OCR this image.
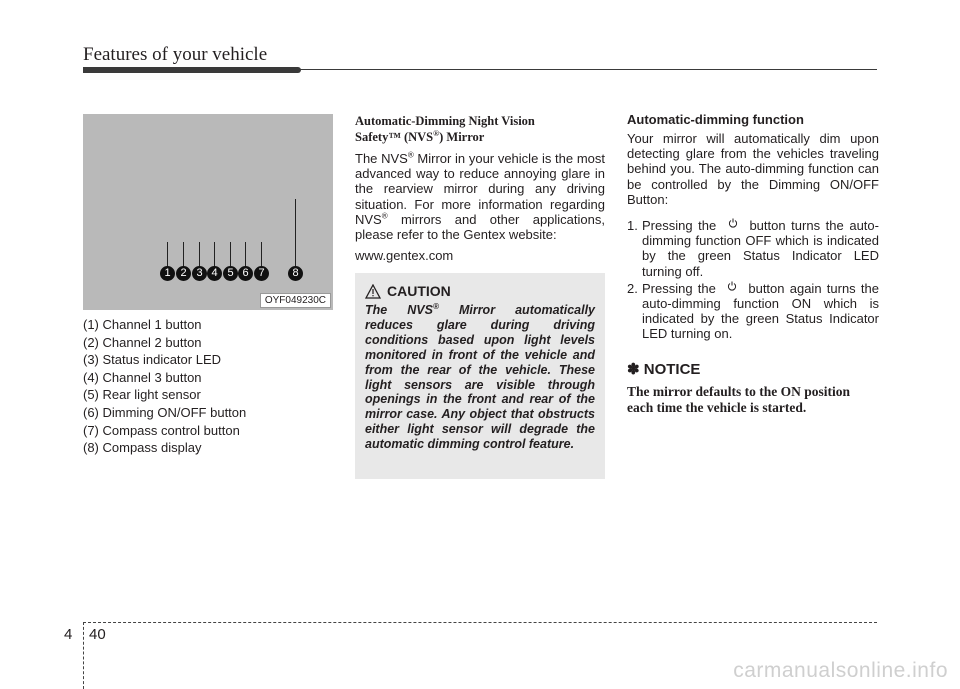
Features of your vehicle
1 2 3 4 5 6 7	8
OYF049230C
(1) Channel 1 button
(2) Channel 2 button
(3) Status indicator LED
(4) Channel 3 button
(5) Rear light sensor
(6) Dimming ON/OFF button
(7) Compass control button
(8) Compass display
Automatic-Dimming Night Vision
Safety™ (NVS®) Mirror

The NVS® Mirror in your vehicle is the most advanced way to reduce annoying glare in the rearview mirror during any driving situation. For more information regarding NVS® mirrors and other applications, please refer to the Gentex website:

www.gentex.com

CAUTION

The NVS® Mirror automatically reduces glare during driving conditions based upon light levels monitored in front of the vehicle and from the rear of the vehicle. These light sensors are visible through openings in the front and rear of the mirror case. Any object that obstructs either light sensor will degrade the automatic dimming control feature.

Automatic-dimming function

Your mirror will automatically dim upon detecting glare from the vehicles traveling behind you. The auto-dimming function can be controlled by the Dimming ON/OFF Button:

1. Pressing the	button turns the auto-dimming function OFF which is indicated by the green Status Indicator LED turning off.
2. Pressing the button again turns the auto-dimming function ON which is indicated by the green Status Indicator LED turning on.
✽ NOTICE

The mirror defaults to the ON position each time the vehicle is started.

4 40
carmanualsonline.info
